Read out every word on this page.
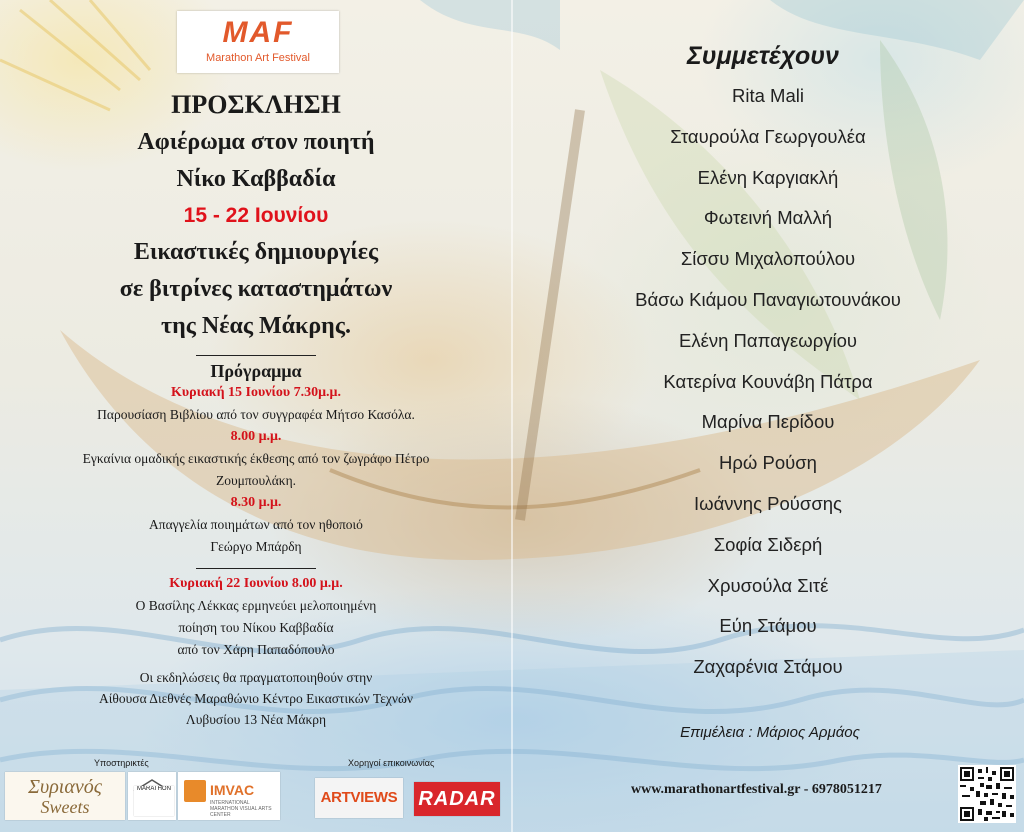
MAF
Marathon Art Festival
ΠΡΟΣΚΛΗΣΗ
Αφιέρωμα στον ποιητή
Νίκο Καββαδία
15 - 22 Ιουνίου
Εικαστικές δημιουργίες
σε βιτρίνες καταστημάτων
της Νέας Μάκρης.
Πρόγραμμα
Κυριακή 15 Ιουνίου 7.30μ.μ.
Παρουσίαση Βιβλίου από τον συγγραφέα Μήτσο Κασόλα.
8.00 μ.μ.
Εγκαίνια ομαδικής εικαστικής έκθεσης από τον ζωγράφο Πέτρο
Ζουμπουλάκη.
8.30 μ.μ.
Απαγγελία ποιημάτων από τον ηθοποιό
Γεώργο Μπάρδη
Κυριακή 22 Ιουνίου 8.00 μ.μ.
Ο Βασίλης Λέκκας ερμηνεύει μελοποιημένη
ποίηση του Νίκου Καββαδία
από τον Χάρη Παπαδόπουλο
Οι εκδηλώσεις θα πραγματοποιηθούν στην
Αίθουσα Διεθνές Μαραθώνιο Κέντρο Εικαστικών Τεχνών
Λυβυσίου 13 Νέα Μάκρη
Υποστηρικτές	Χορηγοί επικοινωνίας
Συριανός
Sweets
MARATHON	IMVAC
INTERNATIONAL MARATHON VISUAL ARTS CENTER
ARTVIEWS RADAR
Συμμετέχουν
Rita Mali
Σταυρούλα Γεωργουλέα
Ελένη Καργιακλή
Φωτεινή Μαλλή
Σίσσυ Μιχαλοπούλου
Βάσω Κιάμου Παναγιωτουνάκου
Ελένη Παπαγεωργίου
Κατερίνα Κουνάβη Πάτρα
Μαρίνα Περίδου
Ηρώ Ρούση
Ιωάννης Ρούσσης
Σοφία Σιδερή
Χρυσούλα Σιτέ
Εύη Στάμου
Ζαχαρένια Στάμου
Επιμέλεια : Μάριος Αρμάος
www.marathonartfestival.gr - 6978051217
